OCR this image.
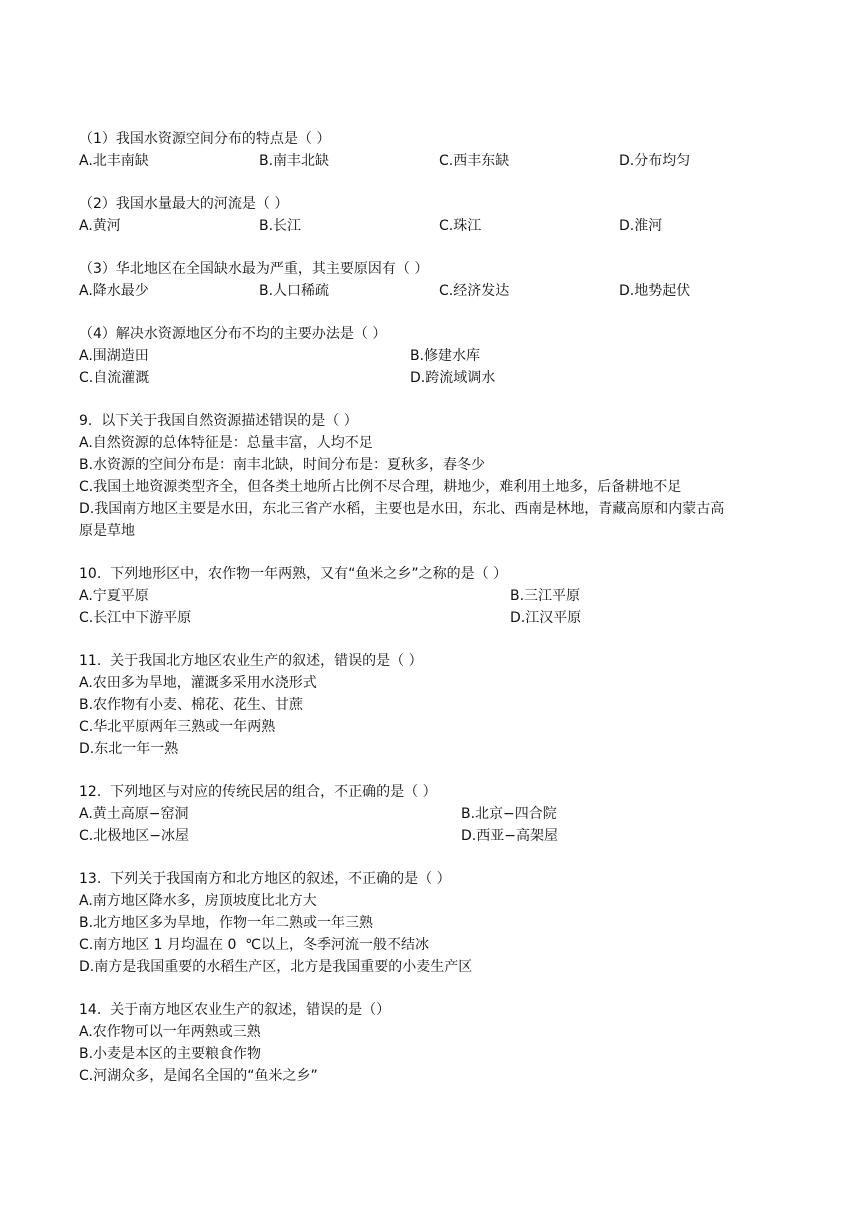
（1）我国水资源空间分布的特点是（ ）
A.北丰南缺	B.南丰北缺	C.西丰东缺	D.分布均匀
（2）我国水量最大的河流是（ ）
A.黄河	B.长江	C.珠江	D.淮河
（3）华北地区在全国缺水最为严重，其主要原因有（ ）
A.降水最少	B.人口稀疏	C.经济发达	D.地势起伏
（4）解决水资源地区分布不均的主要办法是（ ）
A.围湖造田	B.修建水库
C.自流灌溉	D.跨流域调水
9.  以下关于我国自然资源描述错误的是（ ）
A.自然资源的总体特征是：总量丰富，人均不足
B.水资源的空间分布是：南丰北缺，时间分布是：夏秋多，春冬少
C.我国土地资源类型齐全，但各类土地所占比例不尽合理，耕地少，难利用土地多，后备耕地不足
D.我国南方地区主要是水田，东北三省产水稻，主要也是水田，东北、西南是林地，青藏高原和内蒙古高
原是草地
10.  下列地形区中，农作物一年两熟，又有“鱼米之乡”之称的是（ ）
A.宁夏平原	B.三江平原
C.长江中下游平原	D.江汉平原
11.  关于我国北方地区农业生产的叙述，错误的是（ ）
A.农田多为旱地，灌溉多采用水浇形式
B.农作物有小麦、棉花、花生、甘蔗
C.华北平原两年三熟或一年两熟
D.东北一年一熟
12.  下列地区与对应的传统民居的组合，不正确的是（ ）
A.黄土高原−窑洞	B.北京−四合院
C.北极地区−冰屋	D.西亚−高架屋
13.  下列关于我国南方和北方地区的叙述，不正确的是（ ）
A.南方地区降水多，房顶坡度比北方大
B.北方地区多为旱地，作物一年二熟或一年三熟
C.南方地区 1 月均温在 0  ℃以上，冬季河流一般不结冰
D.南方是我国重要的水稻生产区，北方是我国重要的小麦生产区
14.  关于南方地区农业生产的叙述，错误的是（）
A.农作物可以一年两熟或三熟
B.小麦是本区的主要粮食作物
C.河湖众多，是闻名全国的“鱼米之乡”
